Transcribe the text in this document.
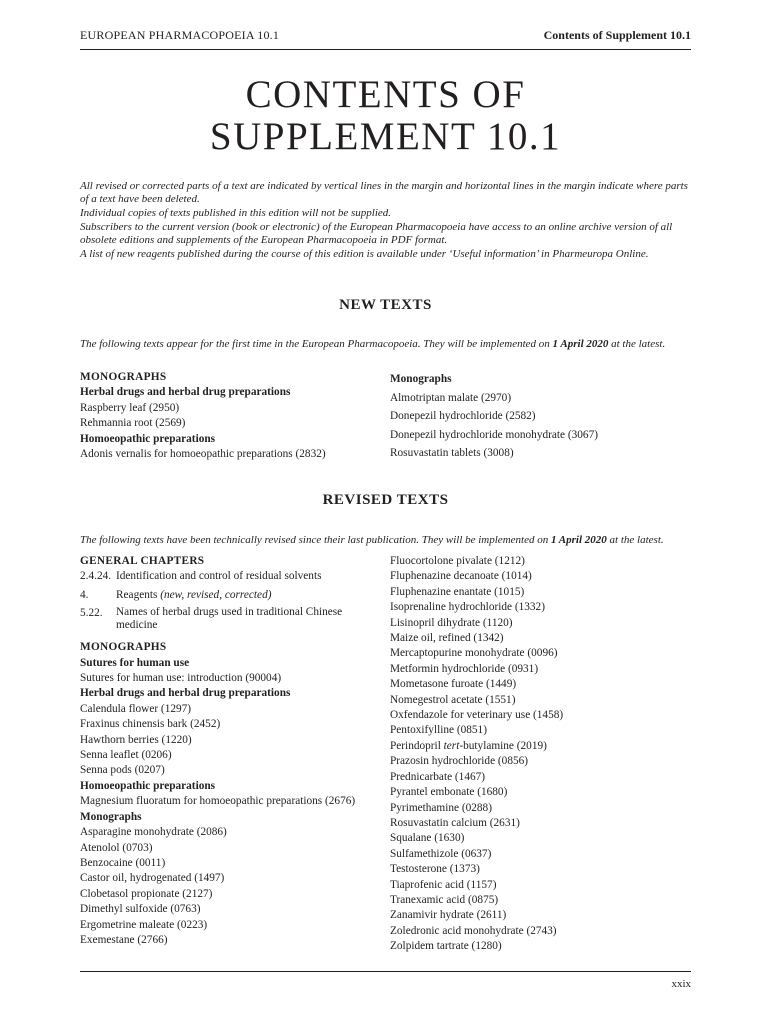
EUROPEAN PHARMACOPOEIA 10.1	Contents of Supplement 10.1
CONTENTS OF
SUPPLEMENT 10.1

All revised or corrected parts of a text are indicated by vertical lines in the margin and horizontal lines in the margin indicate where parts of a text have been deleted.

Individual copies of texts published in this edition will not be supplied.

Subscribers to the current version (book or electronic) of the European Pharmacopoeia have access to an online archive version of all obsolete editions and supplements of the European Pharmacopoeia in PDF format.

A list of new reagents published during the course of this edition is available under ‘Useful information’ in Pharmeuropa Online.

NEW TEXTS
The following texts appear for the first time in the European Pharmacopoeia. They will be implemented on 1 April 2020 at the latest.
MONOGRAPHS
Herbal drugs and herbal drug preparations
Raspberry leaf (2950)
Rehmannia root (2569)
Homoeopathic preparations
Adonis vernalis for homoeopathic preparations (2832)
Monographs
Almotriptan malate (2970)
Donepezil hydrochloride (2582)
Donepezil hydrochloride monohydrate (3067)
Rosuvastatin tablets (3008)
REVISED TEXTS
The following texts have been technically revised since their last publication. They will be implemented on 1 April 2020 at the latest.
GENERAL CHAPTERS
2.4.24. Identification and control of residual solvents
4.	Reagents (new, revised, corrected)
5.22.	Names of herbal drugs used in traditional Chinese medicine
MONOGRAPHS
Sutures for human use
Sutures for human use: introduction (90004)
Herbal drugs and herbal drug preparations
Calendula flower (1297)
Fraxinus chinensis bark (2452)
Hawthorn berries (1220)
Senna leaflet (0206)
Senna pods (0207)
Homoeopathic preparations
Magnesium fluoratum for homoeopathic preparations (2676)
Monographs
Asparagine monohydrate (2086)
Atenolol (0703)
Benzocaine (0011)
Castor oil, hydrogenated (1497)
Clobetasol propionate (2127)
Dimethyl sulfoxide (0763)
Ergometrine maleate (0223)
Exemestane (2766)
Fluocortolone pivalate (1212)
Fluphenazine decanoate (1014)
Fluphenazine enantate (1015)
Isoprenaline hydrochloride (1332)
Lisinopril dihydrate (1120)
Maize oil, refined (1342)
Mercaptopurine monohydrate (0096)
Metformin hydrochloride (0931)
Mometasone furoate (1449)
Nomegestrol acetate (1551)
Oxfendazole for veterinary use (1458)
Pentoxifylline (0851)
Perindopril tert-butylamine (2019)
Prazosin hydrochloride (0856)
Prednicarbate (1467)
Pyrantel embonate (1680)
Pyrimethamine (0288)
Rosuvastatin calcium (2631)
Squalane (1630)
Sulfamethizole (0637)
Testosterone (1373)
Tiaprofenic acid (1157)
Tranexamic acid (0875)
Zanamivir hydrate (2611)
Zoledronic acid monohydrate (2743)
Zolpidem tartrate (1280)
xxix
